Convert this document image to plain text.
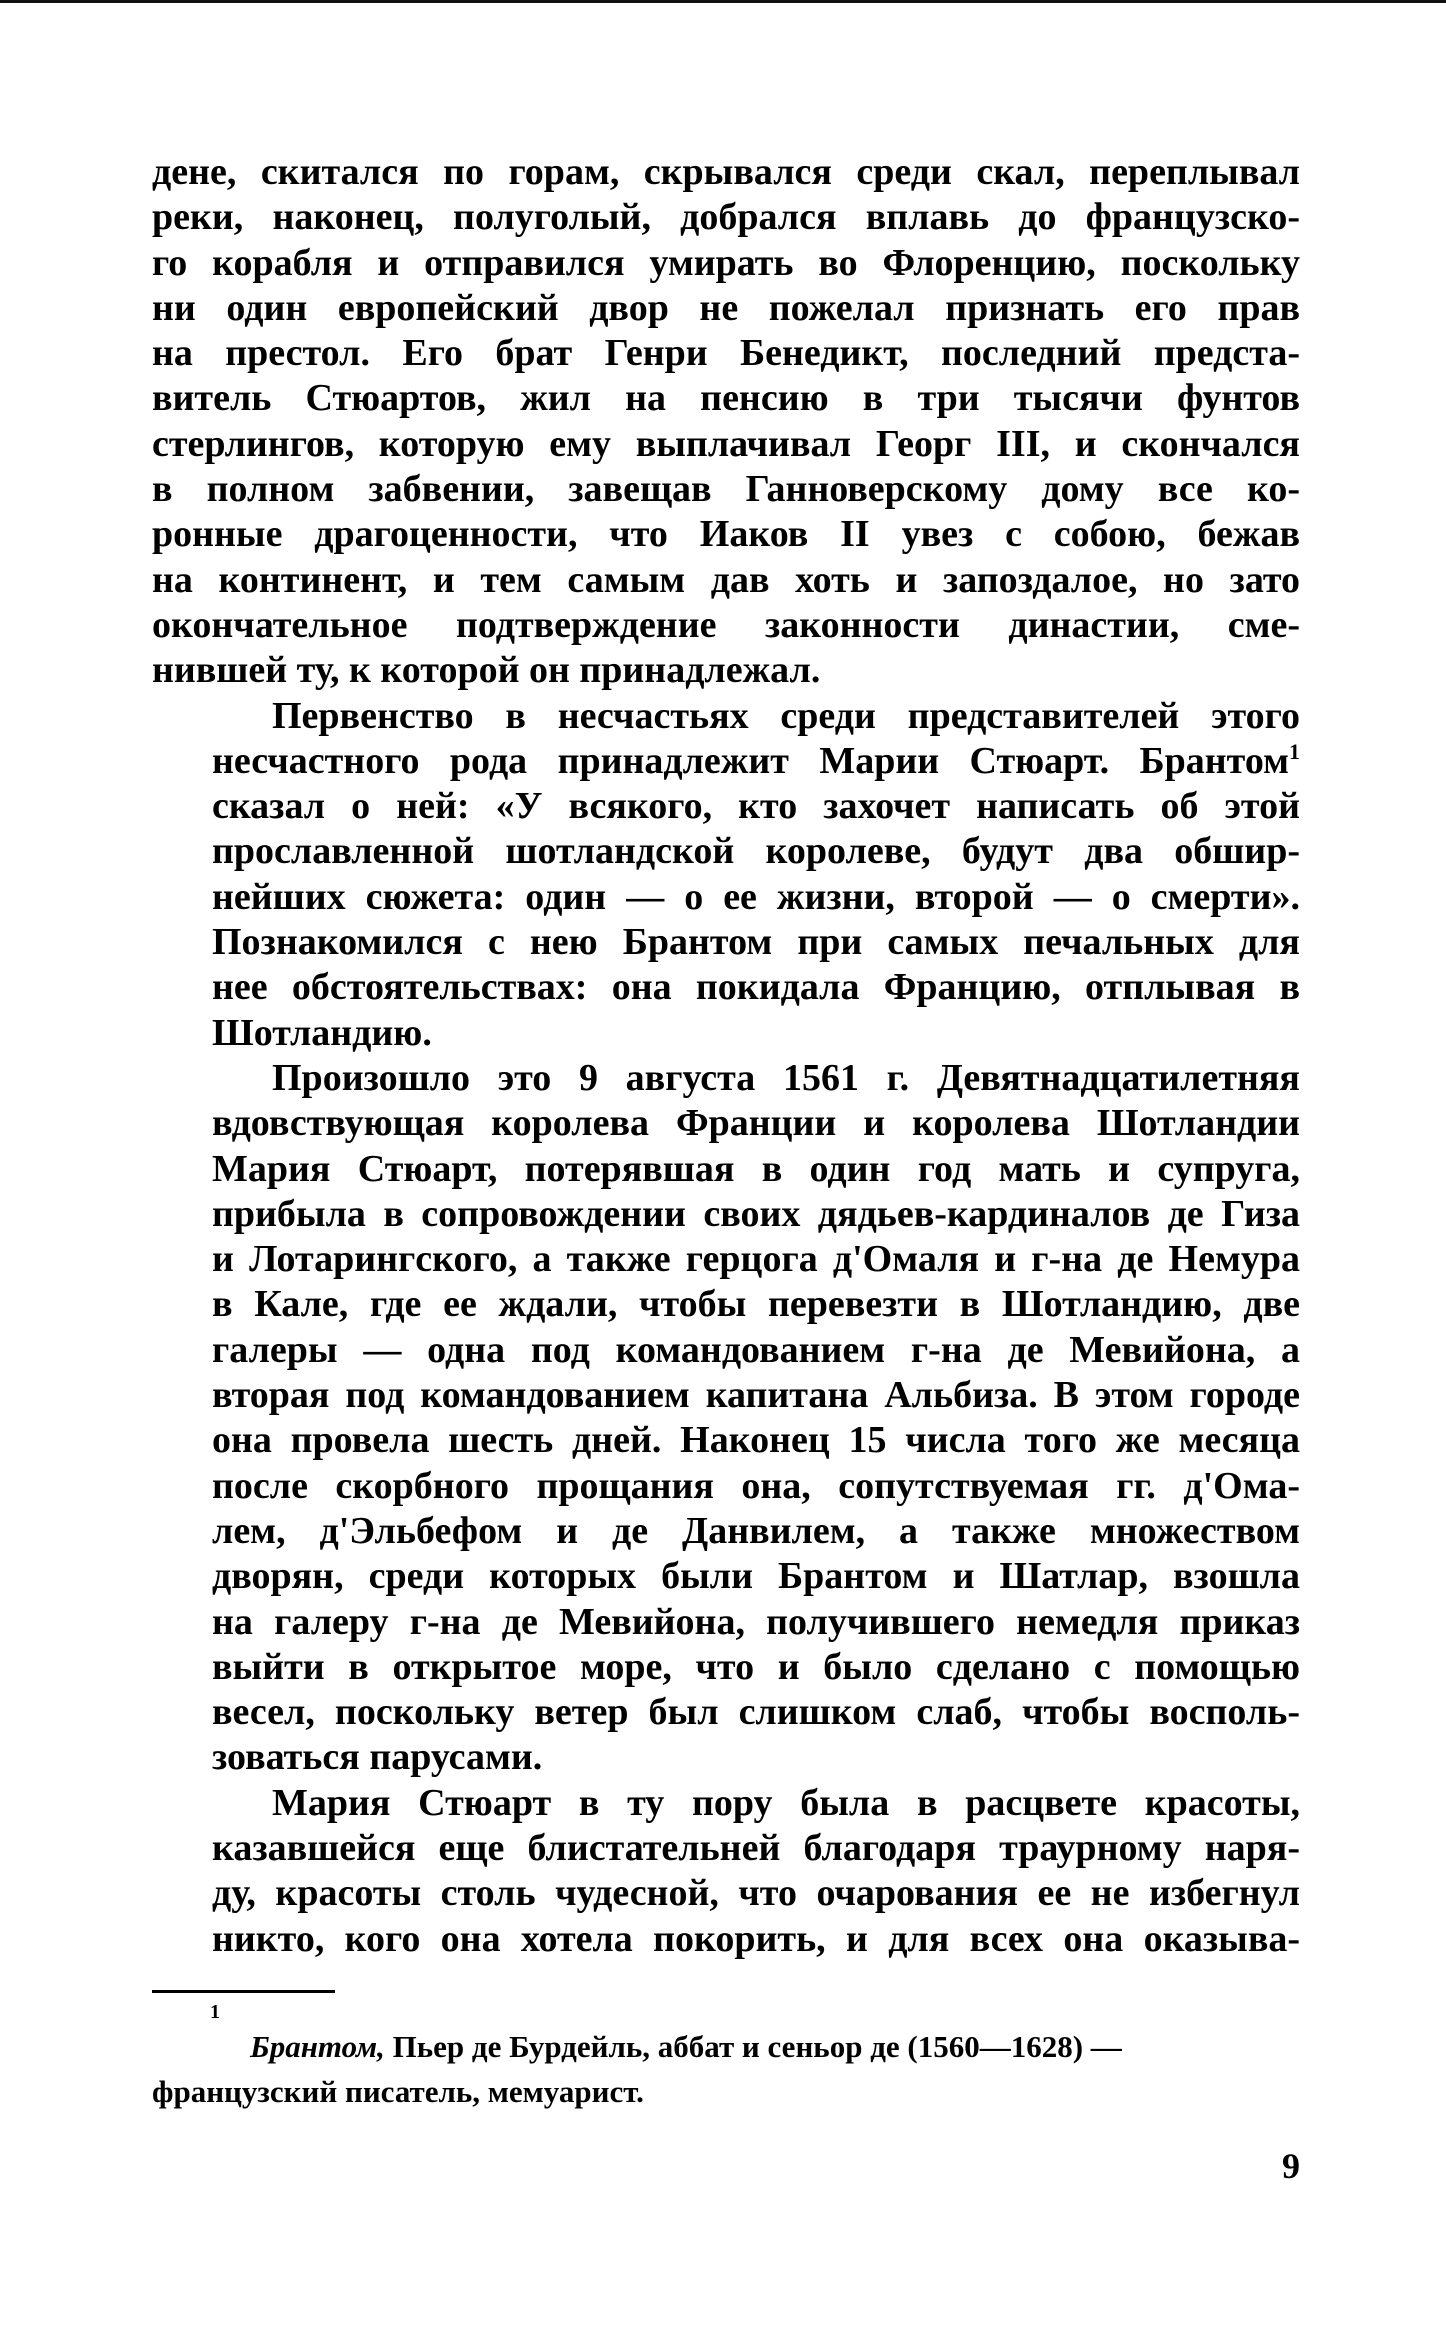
дене, скитался по горам, скрывался среди скал, переплывал
реки, наконец, полуголый, добрался вплавь до французско-
го корабля и отправился умирать во Флоренцию, поскольку
ни один европейский двор не пожелал признать его прав
на престол. Его брат Генри Бенедикт, последний предста-
витель Стюартов, жил на пенсию в три тысячи фунтов
стерлингов, которую ему выплачивал Георг III, и скончался
в полном забвении, завещав Ганноверскому дому все ко-
ронные драгоценности, что Иаков II увез с собою, бежав
на континент, и тем самым дав хоть и запоздалое, но зато
окончательное подтверждение законности династии, сме-
нившей ту, к которой он принадлежал.

Первенство в несчастьях среди представителей этого
несчастного рода принадлежит Марии Стюарт. Брантом$^1$
сказал о ней: «У всякого, кто захочет написать об этой
прославленной шотландской королеве, будут два обшир-
нейших сюжета: один — о ее жизни, второй — о смерти».
Познакомился с нею Брантом при самых печальных для
нее обстоятельствах: она покидала Францию, отплывая в
Шотландию.

Произошло это 9 августа 1561 г. Девятнадцатилетняя
вдовствующая королева Франции и королева Шотландии
Мария Стюарт, потерявшая в один год мать и супруга,
прибыла в сопровождении своих дядьев-кардиналов де Гиза
и Лотарингского, а также герцога д'Омаля и г-на де Немура
в Кале, где ее ждали, чтобы перевезти в Шотландию, две
галеры — одна под командованием г-на де Мевийона, а
вторая под командованием капитана Альбиза. В этом городе
она провела шесть дней. Наконец 15 числа того же месяца
после скорбного прощания она, сопутствуемая гг. д'Ома-
лем, д'Эльбефом и де Данвилем, а также множеством
дворян, среди которых были Брантом и Шатлар, взошла
на галеру г-на де Мевийона, получившего немедля приказ
выйти в открытое море, что и было сделано с помощью
весел, поскольку ветер был слишком слаб, чтобы восполь-
зоваться парусами.

Мария Стюарт в ту пору была в расцвете красоты,
казавшейся еще блистательней благодаря траурному наря-
ду, красоты столь чудесной, что очарования ее не избегнул
никто, кого она хотела покорить, и для всех она оказыва-

1
Брантом, Пьер де Бурдейль, аббат и сеньор де (1560—1628) —
французский писатель, мемуарист.
9
